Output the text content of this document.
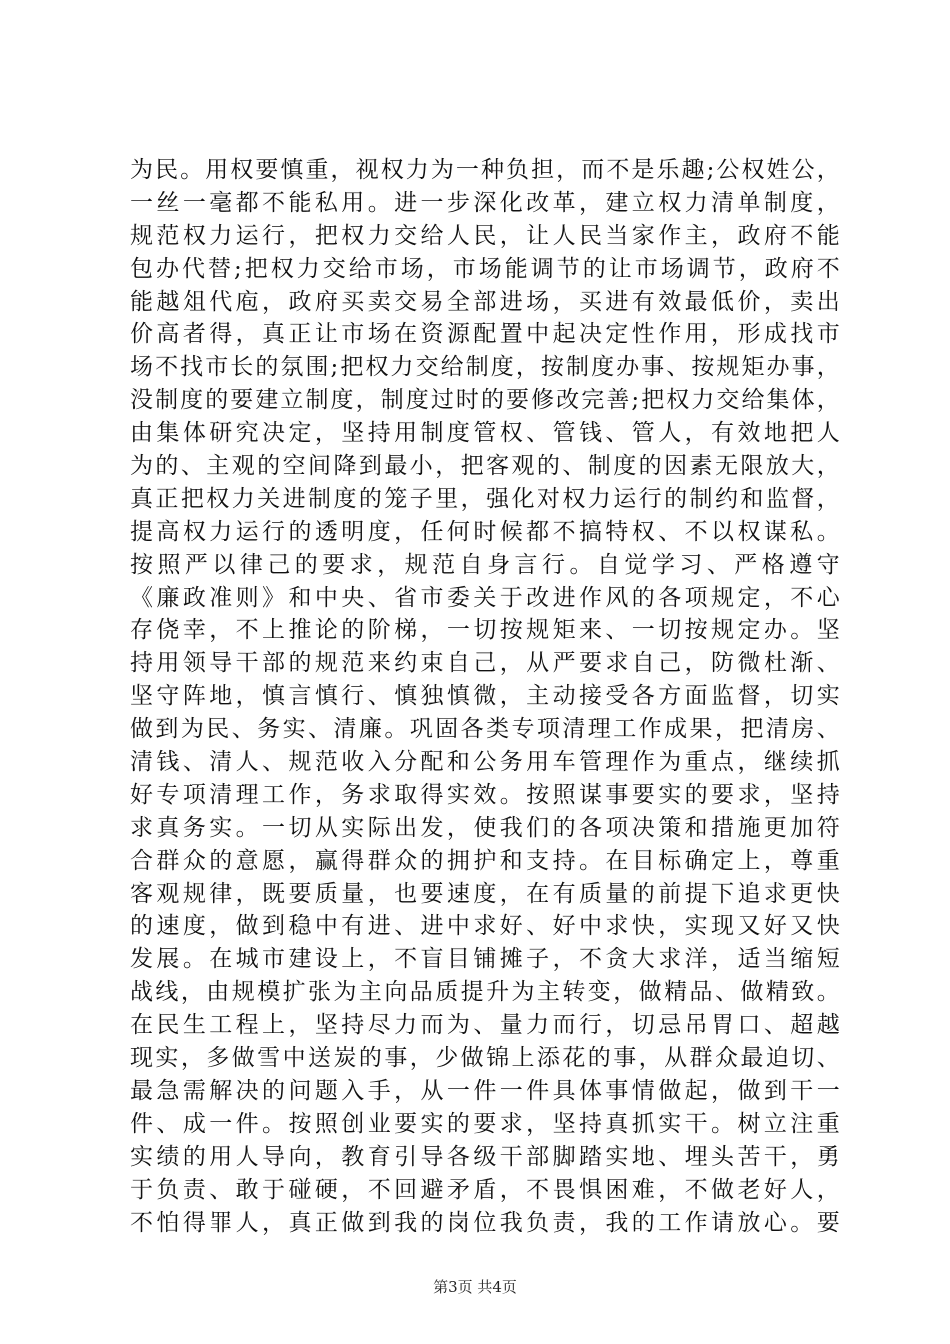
为民。用权要慎重，视权力为一种负担，而不是乐趣;公权姓公，
一丝一毫都不能私用。进一步深化改革，建立权力清单制度，
规范权力运行，把权力交给人民，让人民当家作主，政府不能
包办代替;把权力交给市场，市场能调节的让市场调节，政府不
能越俎代庖，政府买卖交易全部进场，买进有效最低价，卖出
价高者得，真正让市场在资源配置中起决定性作用，形成找市
场不找市长的氛围;把权力交给制度，按制度办事、按规矩办事，
没制度的要建立制度，制度过时的要修改完善;把权力交给集体，
由集体研究决定，坚持用制度管权、管钱、管人，有效地把人
为的、主观的空间降到最小，把客观的、制度的因素无限放大，
真正把权力关进制度的笼子里，强化对权力运行的制约和监督，
提高权力运行的透明度，任何时候都不搞特权、不以权谋私。
按照严以律己的要求，规范自身言行。自觉学习、严格遵守
《廉政准则》和中央、省市委关于改进作风的各项规定，不心
存侥幸，不上推论的阶梯，一切按规矩来、一切按规定办。坚
持用领导干部的规范来约束自己，从严要求自己，防微杜渐、
坚守阵地，慎言慎行、慎独慎微，主动接受各方面监督，切实
做到为民、务实、清廉。巩固各类专项清理工作成果，把清房、
清钱、清人、规范收入分配和公务用车管理作为重点，继续抓
好专项清理工作，务求取得实效。按照谋事要实的要求，坚持
求真务实。一切从实际出发，使我们的各项决策和措施更加符
合群众的意愿，赢得群众的拥护和支持。在目标确定上，尊重
客观规律，既要质量，也要速度，在有质量的前提下追求更快
的速度，做到稳中有进、进中求好、好中求快，实现又好又快
发展。在城市建设上，不盲目铺摊子，不贪大求洋，适当缩短
战线，由规模扩张为主向品质提升为主转变，做精品、做精致。
在民生工程上，坚持尽力而为、量力而行，切忌吊胃口、超越
现实，多做雪中送炭的事，少做锦上添花的事，从群众最迫切、
最急需解决的问题入手，从一件一件具体事情做起，做到干一
件、成一件。按照创业要实的要求，坚持真抓实干。树立注重
实绩的用人导向，教育引导各级干部脚踏实地、埋头苦干，勇
于负责、敢于碰硬，不回避矛盾，不畏惧困难，不做老好人，
不怕得罪人，真正做到我的岗位我负责，我的工作请放心。要
第3页 共4页
